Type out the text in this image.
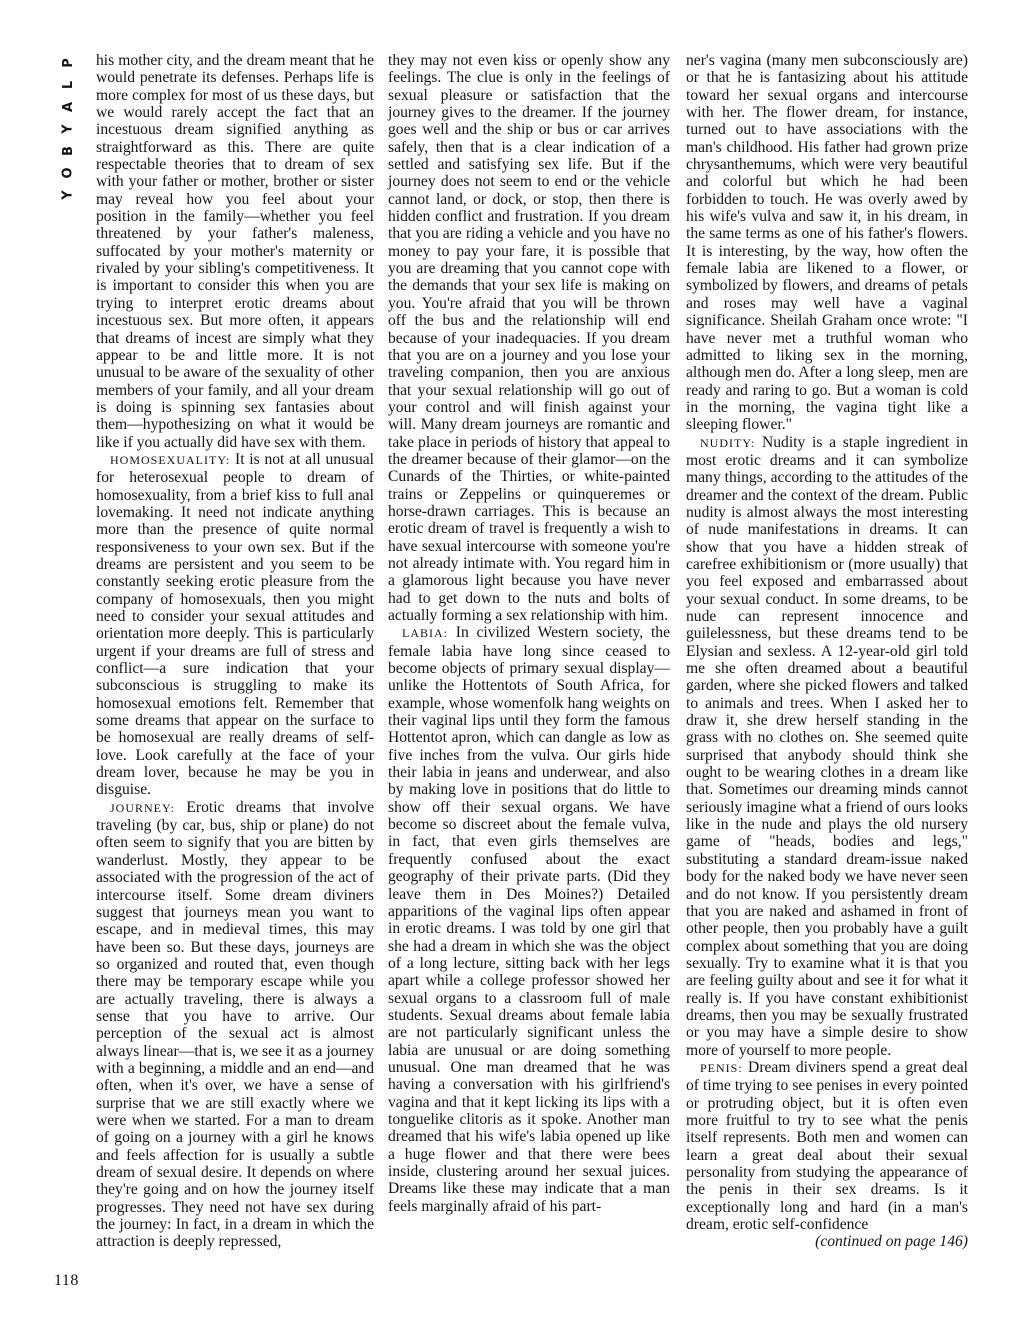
P
L
A
Y
B
O
Y
118

his mother city, and the dream meant that he would penetrate its defenses. Perhaps life is more complex for most of us these days, but we would rarely accept the fact that an incestuous dream signified anything as straightforward as this. There are quite respectable theories that to dream of sex with your father or mother, brother or sister may reveal how you feel about your position in the family—whether you feel threatened by your father's maleness, suffocated by your mother's maternity or rivaled by your sibling's competitiveness. It is important to consider this when you are trying to interpret erotic dreams about incestuous sex. But more often, it appears that dreams of incest are simply what they appear to be and little more. It is not unusual to be aware of the sexuality of other members of your family, and all your dream is doing is spinning sex fantasies about them—hypothesizing on what it would be like if you actually did have sex with them.

HOMOSEXUALITY: It is not at all unusual for heterosexual people to dream of homosexuality, from a brief kiss to full anal lovemaking. It need not indicate anything more than the presence of quite normal responsiveness to your own sex. But if the dreams are persistent and you seem to be constantly seeking erotic pleasure from the company of homosexuals, then you might need to consider your sexual attitudes and orientation more deeply. This is particularly urgent if your dreams are full of stress and conflict—a sure indication that your subconscious is struggling to make its homosexual emotions felt. Remember that some dreams that appear on the surface to be homosexual are really dreams of self-love. Look carefully at the face of your dream lover, because he may be you in disguise.

JOURNEY: Erotic dreams that involve traveling (by car, bus, ship or plane) do not often seem to signify that you are bitten by wanderlust. Mostly, they appear to be associated with the progression of the act of intercourse itself. Some dream diviners suggest that journeys mean you want to escape, and in medieval times, this may have been so. But these days, journeys are so organized and routed that, even though there may be temporary escape while you are actually traveling, there is always a sense that you have to arrive. Our perception of the sexual act is almost always linear—that is, we see it as a journey with a beginning, a middle and an end—and often, when it's over, we have a sense of surprise that we are still exactly where we were when we started. For a man to dream of going on a journey with a girl he knows and feels affection for is usually a subtle dream of sexual desire. It depends on where they're going and on how the journey itself progresses. They need not have sex during the journey: In fact, in a dream in which the attraction is deeply repressed,

they may not even kiss or openly show any feelings. The clue is only in the feelings of sexual pleasure or satisfaction that the journey gives to the dreamer. If the journey goes well and the ship or bus or car arrives safely, then that is a clear indication of a settled and satisfying sex life. But if the journey does not seem to end or the vehicle cannot land, or dock, or stop, then there is hidden conflict and frustration. If you dream that you are riding a vehicle and you have no money to pay your fare, it is possible that you are dreaming that you cannot cope with the demands that your sex life is making on you. You're afraid that you will be thrown off the bus and the relationship will end because of your inadequacies. If you dream that you are on a journey and you lose your traveling companion, then you are anxious that your sexual relationship will go out of your control and will finish against your will. Many dream journeys are romantic and take place in periods of history that appeal to the dreamer because of their glamor—on the Cunards of the Thirties, or white-painted trains or Zeppelins or quinqueremes or horse-drawn carriages. This is because an erotic dream of travel is frequently a wish to have sexual intercourse with someone you're not already intimate with. You regard him in a glamorous light because you have never had to get down to the nuts and bolts of actually forming a sex relationship with him.

LABIA: In civilized Western society, the female labia have long since ceased to become objects of primary sexual display—unlike the Hottentots of South Africa, for example, whose womenfolk hang weights on their vaginal lips until they form the famous Hottentot apron, which can dangle as low as five inches from the vulva. Our girls hide their labia in jeans and underwear, and also by making love in positions that do little to show off their sexual organs. We have become so discreet about the female vulva, in fact, that even girls themselves are frequently confused about the exact geography of their private parts. (Did they leave them in Des Moines?) Detailed apparitions of the vaginal lips often appear in erotic dreams. I was told by one girl that she had a dream in which she was the object of a long lecture, sitting back with her legs apart while a college professor showed her sexual organs to a classroom full of male students. Sexual dreams about female labia are not particularly significant unless the labia are unusual or are doing something unusual. One man dreamed that he was having a conversation with his girlfriend's vagina and that it kept licking its lips with a tonguelike clitoris as it spoke. Another man dreamed that his wife's labia opened up like a huge flower and that there were bees inside, clustering around her sexual juices. Dreams like these may indicate that a man feels marginally afraid of his part-

ner's vagina (many men subconsciously are) or that he is fantasizing about his attitude toward her sexual organs and intercourse with her. The flower dream, for instance, turned out to have associations with the man's childhood. His father had grown prize chrysanthemums, which were very beautiful and colorful but which he had been forbidden to touch. He was overly awed by his wife's vulva and saw it, in his dream, in the same terms as one of his father's flowers. It is interesting, by the way, how often the female labia are likened to a flower, or symbolized by flowers, and dreams of petals and roses may well have a vaginal significance. Sheilah Graham once wrote: "I have never met a truthful woman who admitted to liking sex in the morning, although men do. After a long sleep, men are ready and raring to go. But a woman is cold in the morning, the vagina tight like a sleeping flower."

NUDITY: Nudity is a staple ingredient in most erotic dreams and it can symbolize many things, according to the attitudes of the dreamer and the context of the dream. Public nudity is almost always the most interesting of nude manifestations in dreams. It can show that you have a hidden streak of carefree exhibitionism or (more usually) that you feel exposed and embarrassed about your sexual conduct. In some dreams, to be nude can represent innocence and guilelessness, but these dreams tend to be Elysian and sexless. A 12-year-old girl told me she often dreamed about a beautiful garden, where she picked flowers and talked to animals and trees. When I asked her to draw it, she drew herself standing in the grass with no clothes on. She seemed quite surprised that anybody should think she ought to be wearing clothes in a dream like that. Sometimes our dreaming minds cannot seriously imagine what a friend of ours looks like in the nude and plays the old nursery game of "heads, bodies and legs," substituting a standard dream-issue naked body for the naked body we have never seen and do not know. If you persistently dream that you are naked and ashamed in front of other people, then you probably have a guilt complex about something that you are doing sexually. Try to examine what it is that you are feeling guilty about and see it for what it really is. If you have constant exhibitionist dreams, then you may be sexually frustrated or you may have a simple desire to show more of yourself to more people.

PENIS: Dream diviners spend a great deal of time trying to see penises in every pointed or protruding object, but it is often even more fruitful to try to see what the penis itself represents. Both men and women can learn a great deal about their sexual personality from studying the appearance of the penis in their sex dreams. Is it exceptionally long and hard (in a man's dream, erotic self-confidence

(continued on page 146)
